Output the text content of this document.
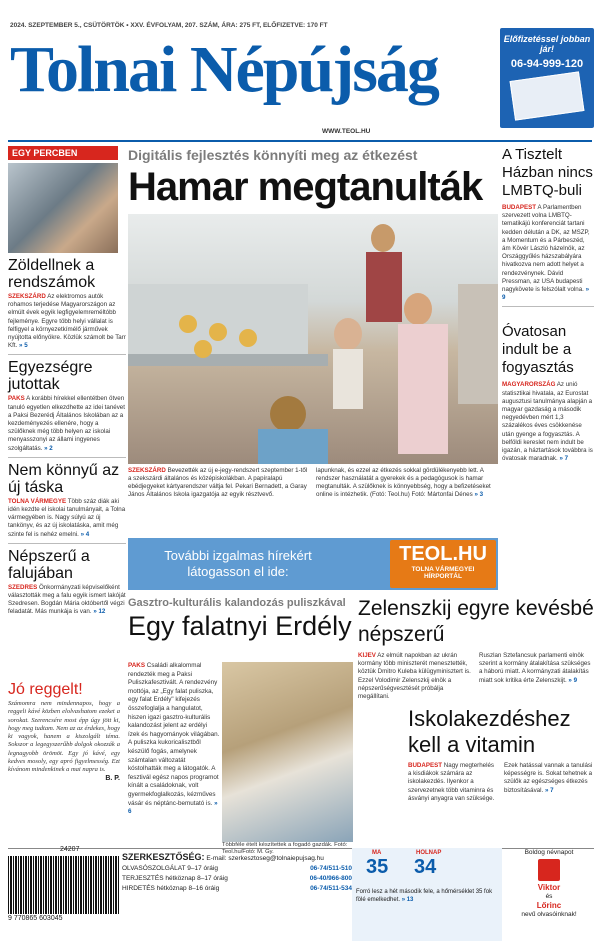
2024. SZEPTEMBER 5., CSÜTÖRTÖK • XXV. ÉVFOLYAM, 207. SZÁM, ÁRA: 275 FT, ELŐFIZETVE: 170 FT
Tolnai Népújság
WWW.TEOL.HU
Előfizetéssel jobban jár!
06-94-999-120
EGY PERCBEN
Zöldellnek a rendszámok
SZEKSZÁRD Az elektromos autók rohamos terjedése Magyarországon az elmúlt évek egyik legfigyelemreméltóbb fejleménye. Egyre több helyi vállalat is felfigyel a környezetkímélő járművek nyújtotta előnyökre. Közlük számolt be Tarr Kft. » 5
Egyezségre jutottak
PAKS A korábbi hírekkel ellentétben ötven tanuló egyetlen elkezdhette az idei tanévet a Paksi Bezerédj Általános Iskolában az a kezdeményezés ellenére, hogy a szülőknek még több helyen az iskolai menyasszonyi az állami ingyenes szolgáltatás. » 2
Nem könnyű az új táska
TOLNA VÁRMEGYE Több száz diák aki idén kezdte el iskolai tanulmányait, a Tolna vármegyében is. Nagy súlyú az új tankönyv, és az új iskolatáska, amit még szinte fel is nehéz emelni. » 4
Népszerű a falujában
SZEDRES Önkormányzati képviselőként választották meg a falu egyik ismert lakóját Szedresen. Bogdán Mária októbertől végzi feladatát. Más munkája is van. » 12
Jó reggelt!
Számomra nem mindennapos, hogy a reggeli kávé közben elolvashatom ezeket a sorokat. Szerencsére most épp úgy jött ki, hogy meg tudtam. Nem az az érdekes, hogy ki vagyok, hanem a kiszolgált téma. Sokszor a legegyszerűbb dolgok okozzák a legnagyobb örömöt. Egy jó kávé, egy kedves mosoly, egy apró figyelmesség. Ezt kívánom mindenkinek a mai napra is.
B. P.
Digitális fejlesztés könnyíti meg az étkezést
Hamar megtanulták
SZEKSZÁRD Bevezették az új e-jegy-rendszert szeptember 1-től a szekszárdi általános és középiskolákban. A papíralapú ebédjegyeket kártyarendszer váltja fel. Pekari Bernadett, a Garay János Általános Iskola igazgatója az egyik résztvevő.
lapunknak, és ezzel az étkezés sokkal gördülékenyebb lett. A rendszer használatát a gyerekek és a pedagógusok is hamar megtanulták. A szülőknek is könnyebbség, hogy a befizetéseket online is intézhetik. (Fotó: Teol.hu) Fotó: Mártonfai Dénes » 3
További izgalmas hírekért látogasson el ide:
TEOL.HU
TOLNA VÁRMEGYEI
HÍRPORTÁL
Gasztro-kulturális kalandozás puliszkával
Egy falatnyi Erdély
PAKS Családi alkalommal rendezték meg a Paksi Puliszkafesztivált. A rendezvény mottója, az „Egy falat puliszka, egy falat Erdély" kifejezés összefoglalja a hangulatot, hiszen igazi gasztro-kulturális kalandozást jelent az erdélyi ízek és hagyományok világában. A puliszka kukoricalisztből készülő fogás, amelynek számtalan változatát kóstolhatták meg a látogatók. A fesztivál egész napos programot kínált a családoknak, volt gyermekfoglalkozás, kézműves vásár és néptánc-bemutató is. » 6
Többféle ételt készítettek a fogadó gazdák. Fotó: Teol.hu/Fotó: M. Gy.
A Tisztelt Házban nincs LMBTQ-buli
BUDAPEST A Parlamentben szervezett volna LMBTQ-tematikájú konferenciát tartani kedden délután a DK, az MSZP, a Momentum és a Párbeszéd, ám Kövér László házelnök, az Országgyűlés házszabályára hivatkozva nem adott helyet a rendezvénynek. Dávid Pressman, az USA budapesti nagykövete is felszólalt volna. » 9
Óvatosan indult be a fogyasztás
MAGYARORSZÁG Az unió statisztikai hivatala, az Eurostat augusztusi tanulmánya alapján a magyar gazdaság a második negyedévben mért 1,3 százalékos éves csökkenése után gyenge a fogyasztás. A belföldi kereslet nem indult be igazán, a háztartások továbbra is óvatosak maradnak. » 7
Zelenszkij egyre kevésbé népszerű
KIJEV Az elmúlt napokban az ukrán kormány több miniszterét menesztették, köztük Dmitro Kuleba külügyminisztert is. Ezzel Volodimir Zelenszkij elnök a népszerűségvesztését próbálja megállítani.
Ruszlan Sztefancsuk parlamenti elnök szerint a kormány átalakítása szükséges a háború miatt. A kormányzati átalakítás miatt sok kritika érte Zelenszkijt. » 9
Iskolakezdéshez kell a vitamin
BUDAPEST Nagy megterhelés a kisdiákok számára az iskolakezdés. Ilyenkor a szervezetnek több vitaminra és ásványi anyagra van szüksége.
Ezek hatással vannak a tanulási képességre is. Sokat tehetnek a szülők az egészséges étkezés biztosításával. » 7
24207
9 770865 603045
SZERKESZTŐSÉG: E-mail: szerkesztoseg@tolnaiepujsag.hu
OLVASÓSZOLGÁLAT 9–17 óráig	06-74/511-510
TERJESZTÉS hétköznap 8–17 óráig	06-40/966-800
HIRDETÉS hétköznap 8–16 óráig	06-74/511-534
MA
35
HOLNAP
34
Forró lesz a hét második fele, a hőmérséklet 35 fok fölé emelkedhet. » 13
Boldog névnapot
Viktor
és
Lőrinc
nevű olvasóinknak!
